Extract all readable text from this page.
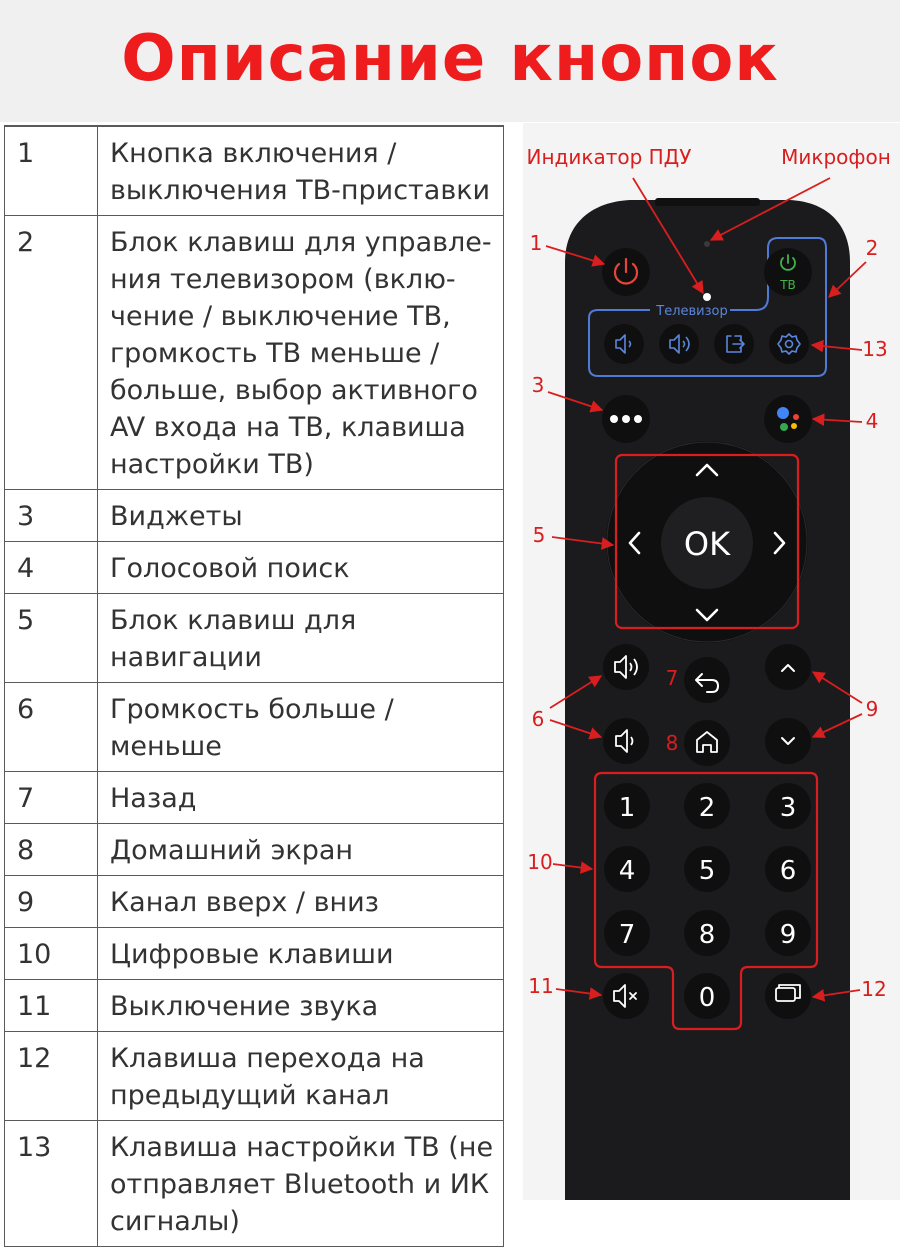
Описание кнопок
1	Кнопка включения / выключения ТВ-приставки
2	Блок клавиш для управле-ния телевизором (вклю-чение / выключение ТВ, громкость ТВ меньше / больше, выбор активного AV входа на ТВ, клавиша настройки ТВ)
3	Виджеты
4	Голосовой поиск
5	Блок клавиш для навигации
6	Громкость больше / меньше
7	Назад
8	Домашний экран
9	Канал вверх / вниз
10	Цифровые клавиши
11	Выключение звука
12	Клавиша перехода на предыдущий канал
13	Клавиша настройки ТВ (не отправляет Bluetooth и ИК сигналы)
Телевизор
ТВ
OK
1 2 3
4 5 6
7 8 9
0
Индикатор ПДУ	Микрофон
1	2
13
3
4
5
6
7
8
9
10
11	12
